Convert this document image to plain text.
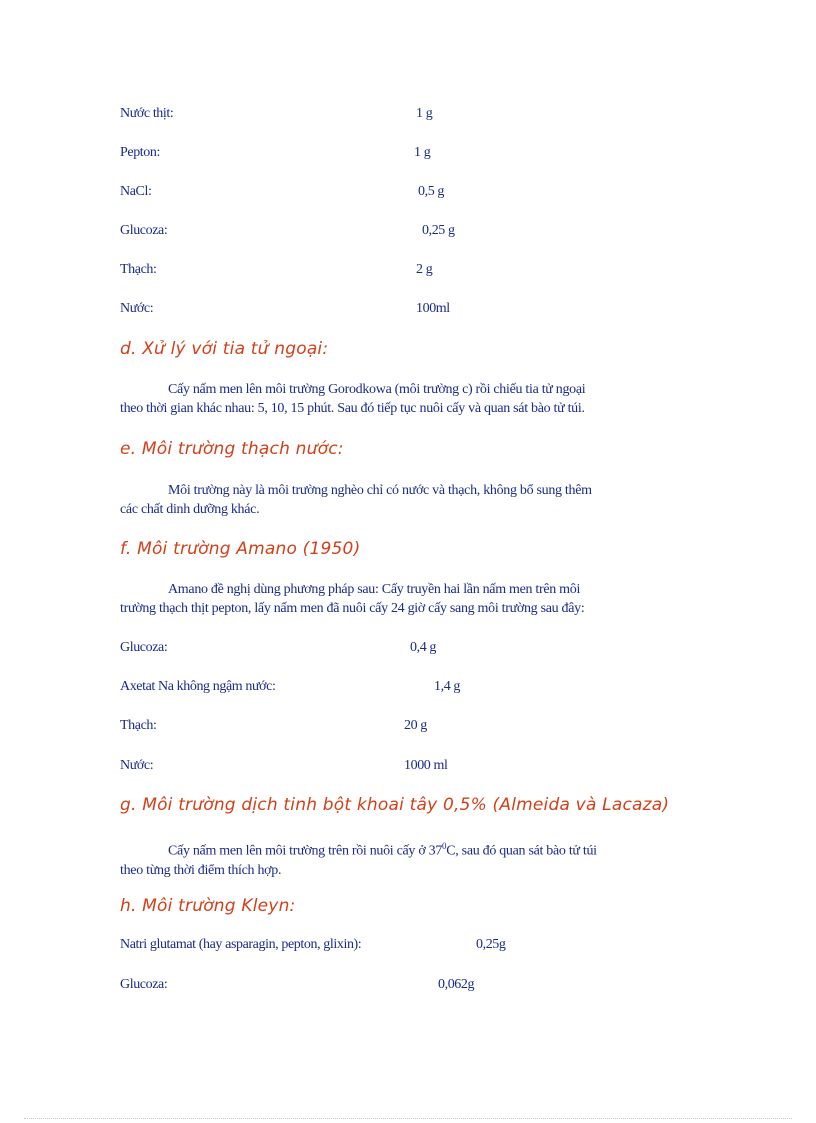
Nước thịt:	1 g
Pepton:	1 g
NaCl:	0,5 g
Glucoza:	0,25 g
Thạch:	2 g
Nước:	100ml
d. Xử lý với tia tử ngoại:
Cấy nấm men lên môi trường Gorodkowa (môi trường c) rồi chiếu tia tử ngoại
theo thời gian khác nhau: 5, 10, 15 phút. Sau đó tiếp tục nuôi cấy và quan sát bào tử túi.
e. Môi trường thạch nước:
Môi trường này là môi trường nghèo chỉ có nước và thạch, không bổ sung thêm
các chất dinh dưỡng khác.
f. Môi trường Amano (1950)
Amano đề nghị dùng phương pháp sau: Cấy truyền hai lần nấm men trên môi
trường thạch thịt pepton, lấy nấm men đã nuôi cấy 24 giờ cấy sang môi trường sau đây:
Glucoza:	0,4 g
Axetat Na không ngậm nước:	1,4 g
Thạch:	20 g
Nước:	1000 ml
g. Môi trường dịch tinh bột khoai tây 0,5% (Almeida và Lacaza)
Cấy nấm men lên môi trường trên rồi nuôi cấy ở $37^0C$, sau đó quan sát bào tử túi
theo từng thời điểm thích hợp.
h. Môi trường Kleyn:
Natri glutamat (hay asparagin, pepton, glixin):	0,25g
Glucoza:	0,062g
